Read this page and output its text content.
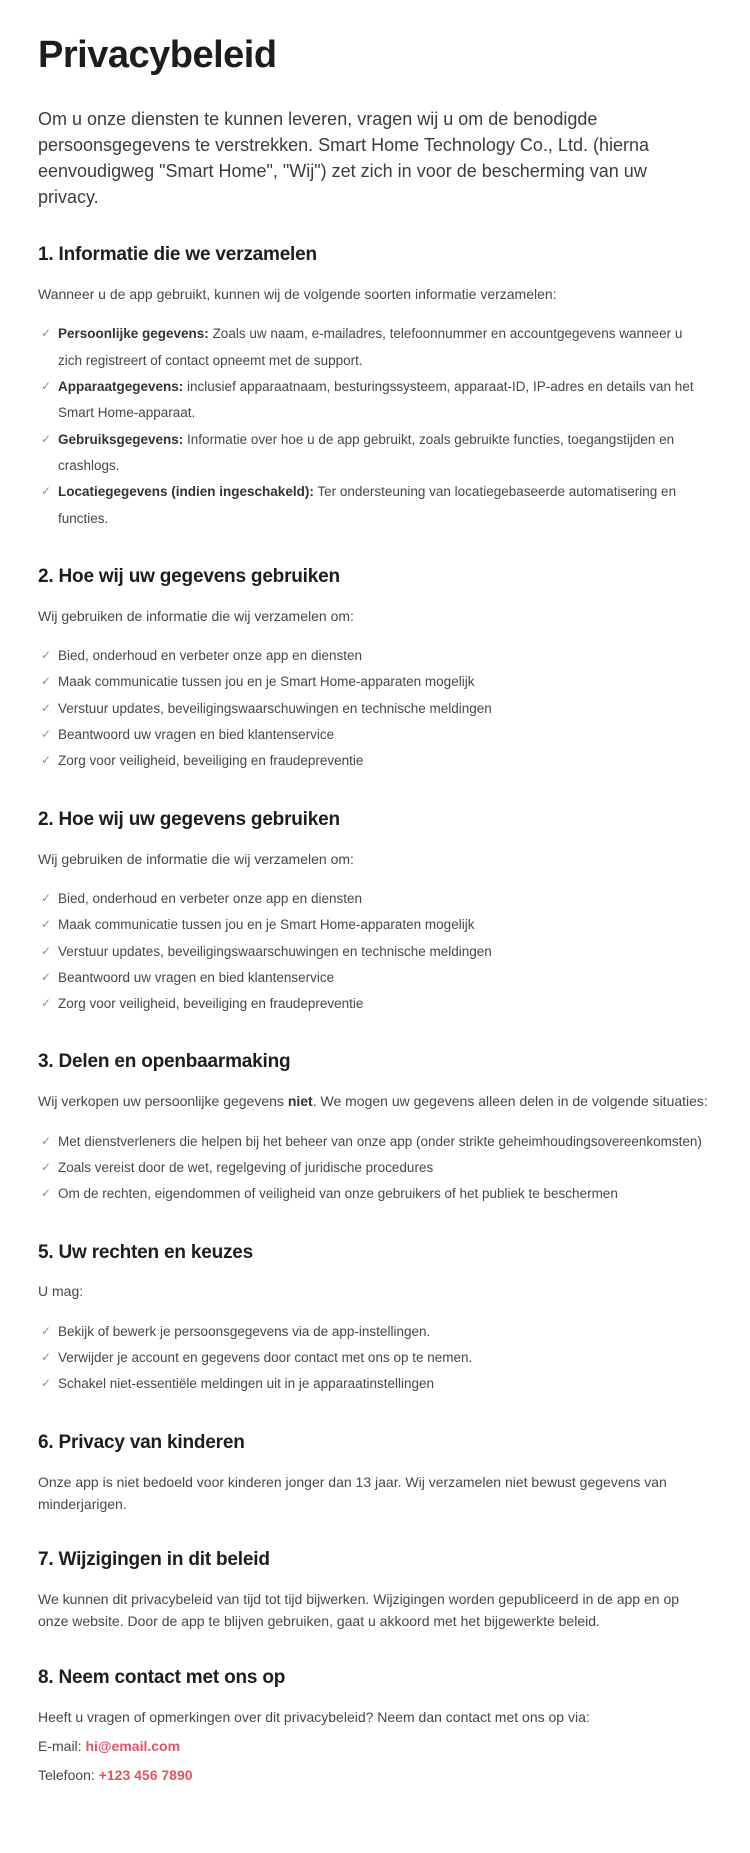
Privacybeleid

Om u onze diensten te kunnen leveren, vragen wij u om de benodigde persoonsgegevens te verstrekken. Smart Home Technology Co., Ltd. (hierna eenvoudigweg "Smart Home", "Wij") zet zich in voor de bescherming van uw privacy.

1. Informatie die we verzamelen

Wanneer u de app gebruikt, kunnen wij de volgende soorten informatie verzamelen:

✓ Persoonlijke gegevens: Zoals uw naam, e-mailadres, telefoonnummer en accountgegevens wanneer u zich registreert of contact opneemt met de support.
✓ Apparaatgegevens: inclusief apparaatnaam, besturingssysteem, apparaat-ID, IP-adres en details van het Smart Home-apparaat.
✓ Gebruiksgegevens: Informatie over hoe u de app gebruikt, zoals gebruikte functies, toegangstijden en crashlogs.
✓ Locatiegegevens (indien ingeschakeld): Ter ondersteuning van locatiegebaseerde automatisering en functies.
2. Hoe wij uw gegevens gebruiken

Wij gebruiken de informatie die wij verzamelen om:

✓ Bied, onderhoud en verbeter onze app en diensten
✓ Maak communicatie tussen jou en je Smart Home-apparaten mogelijk
✓ Verstuur updates, beveiligingswaarschuwingen en technische meldingen
✓ Beantwoord uw vragen en bied klantenservice
✓ Zorg voor veiligheid, beveiliging en fraudepreventie
2. Hoe wij uw gegevens gebruiken

Wij gebruiken de informatie die wij verzamelen om:

✓ Bied, onderhoud en verbeter onze app en diensten
✓ Maak communicatie tussen jou en je Smart Home-apparaten mogelijk
✓ Verstuur updates, beveiligingswaarschuwingen en technische meldingen
✓ Beantwoord uw vragen en bied klantenservice
✓ Zorg voor veiligheid, beveiliging en fraudepreventie
3. Delen en openbaarmaking

Wij verkopen uw persoonlijke gegevens niet. We mogen uw gegevens alleen delen in de volgende situaties:

✓ Met dienstverleners die helpen bij het beheer van onze app (onder strikte geheimhoudingsovereenkomsten)
✓ Zoals vereist door de wet, regelgeving of juridische procedures
✓ Om de rechten, eigendommen of veiligheid van onze gebruikers of het publiek te beschermen
5. Uw rechten en keuzes

U mag:

✓ Bekijk of bewerk je persoonsgegevens via de app-instellingen.
✓ Verwijder je account en gegevens door contact met ons op te nemen.
✓ Schakel niet-essentiële meldingen uit in je apparaatinstellingen
6. Privacy van kinderen

Onze app is niet bedoeld voor kinderen jonger dan 13 jaar. Wij verzamelen niet bewust gegevens van minderjarigen.

7. Wijzigingen in dit beleid

We kunnen dit privacybeleid van tijd tot tijd bijwerken. Wijzigingen worden gepubliceerd in de app en op onze website. Door de app te blijven gebruiken, gaat u akkoord met het bijgewerkte beleid.

8. Neem contact met ons op

Heeft u vragen of opmerkingen over dit privacybeleid? Neem dan contact met ons op via:

E-mail: hi@email.com

Telefoon: +123 456 7890
